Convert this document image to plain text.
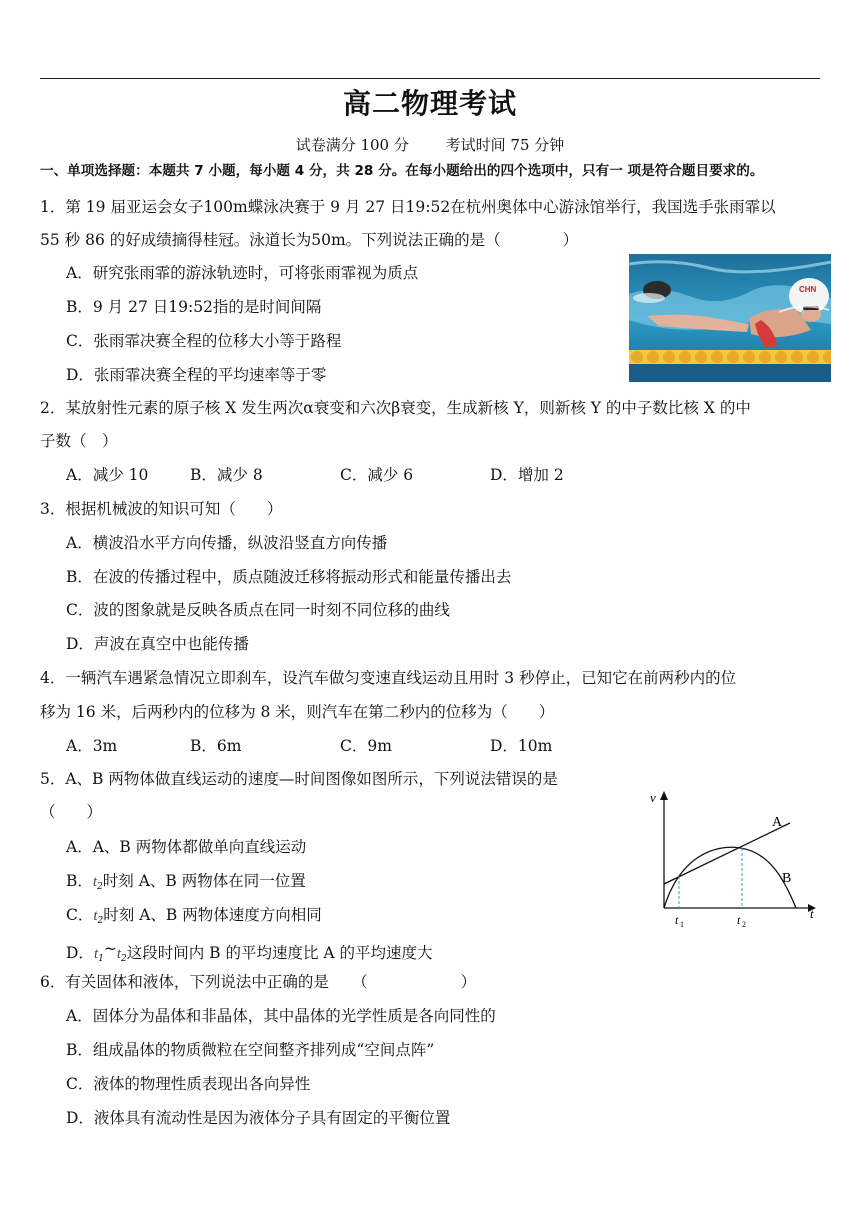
高二物理考试
试卷满分 100 分 考试时间 75 分钟
一、单项选择题：本题共 7 小题，每小题 4 分，共 28 分。在每小题给出的四个选项中，只有一 项是符合题目要求的。
1．第 19 届亚运会女子100m蝶泳决赛于 9 月 27 日19:52在杭州奥体中心游泳馆举行，我国选手张雨霏以
55 秒 86 的好成绩摘得桂冠。泳道长为50m。下列说法正确的是（　　　　）
A．研究张雨霏的游泳轨迹时，可将张雨霏视为质点
B．9 月 27 日19:52指的是时间间隔
C．张雨霏决赛全程的位移大小等于路程
D．张雨霏决赛全程的平均速率等于零
CHN
2．某放射性元素的原子核 X 发生两次α衰变和六次β衰变，生成新核 Y，则新核 Y 的中子数比核 X 的中
子数（　）
A．减少 10	B．减少 8	C．减少 6	D．增加 2
3．根据机械波的知识可知（　　）
A．横波沿水平方向传播，纵波沿竖直方向传播
B．在波的传播过程中，质点随波迁移将振动形式和能量传播出去
C．波的图象就是反映各质点在同一时刻不同位移的曲线
D．声波在真空中也能传播
4．一辆汽车遇紧急情况立即刹车，设汽车做匀变速直线运动且用时 3 秒停止，已知它在前两秒内的位
移为 16 米，后两秒内的位移为 8 米，则汽车在第二秒内的位移为（　　）
A．3m	B．6m	C．9m	D．10m
5．A、B 两物体做直线运动的速度—时间图像如图所示，下列说法错误的是
（　　）
A．A、B 两物体都做单向直线运动
B．$t_2$时刻 A、B 两物体在同一位置
C．$t_2$时刻 A、B 两物体速度方向相同
D．$t_1\sim t_2$这段时间内 B 的平均速度比 A 的平均速度大
v
t
A
B
t 1	t 2
6．有关固体和液体，下列说法中正确的是　　（　　　　　　）
A．固体分为晶体和非晶体，其中晶体的光学性质是各向同性的
B．组成晶体的物质微粒在空间整齐排列成“空间点阵”
C．液体的物理性质表现出各向异性
D．液体具有流动性是因为液体分子具有固定的平衡位置
